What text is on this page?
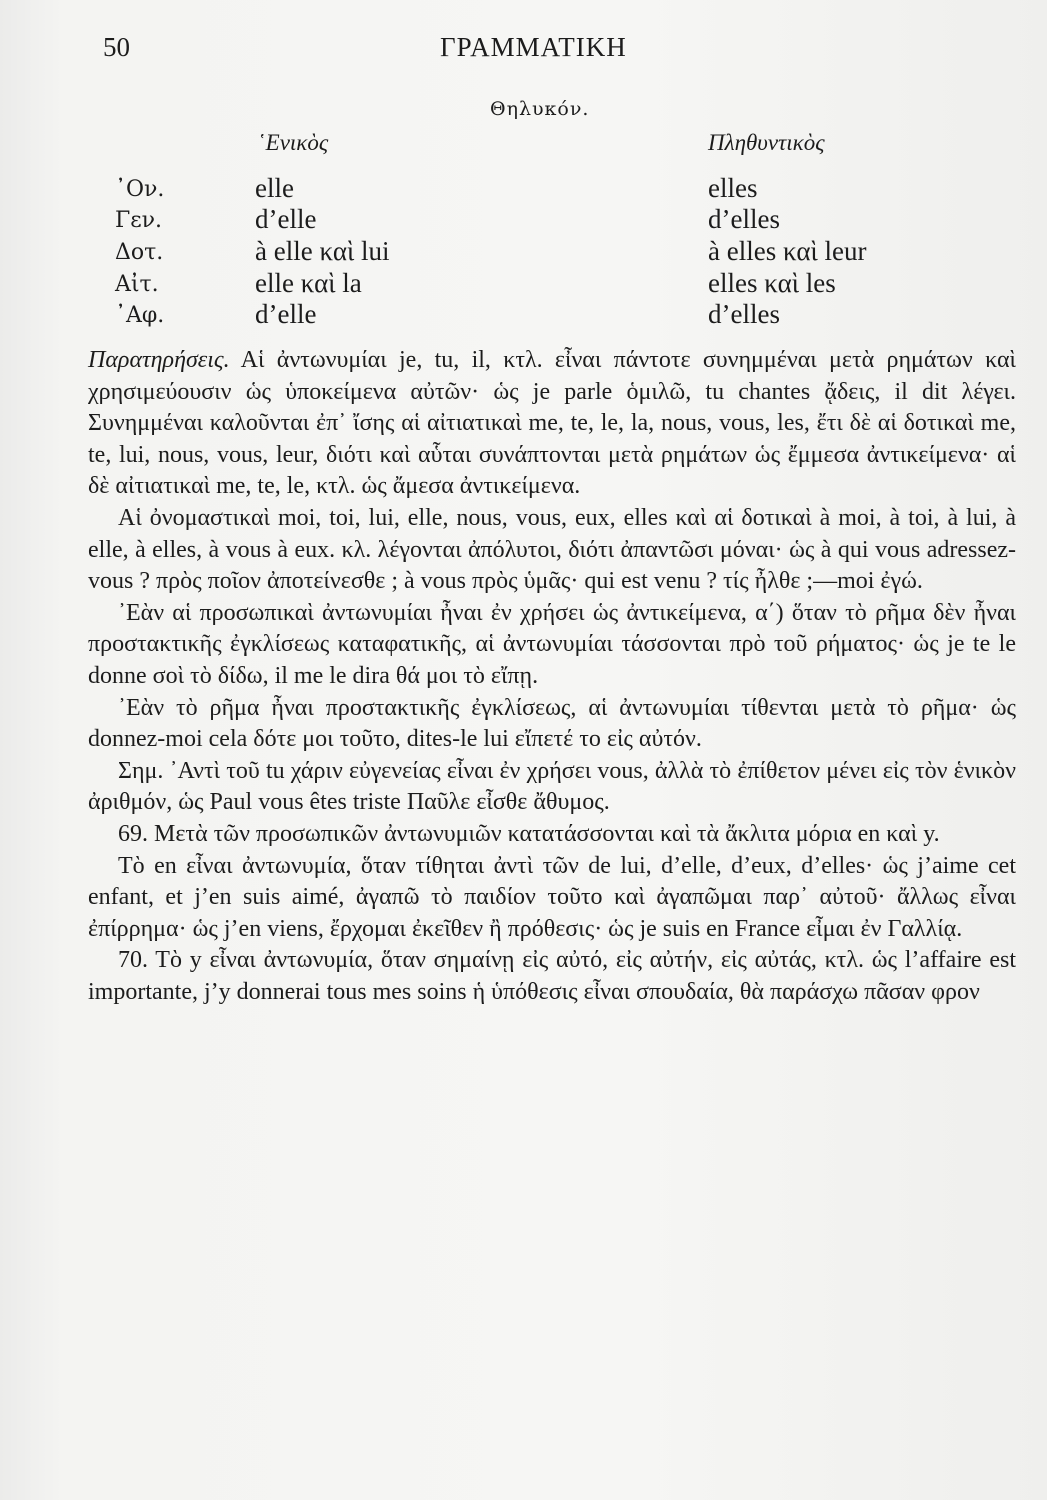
50	ΓΡΑΜΜΑΤΙΚΗ
Θηλυκόν.
῾Ενικὸς	Πληθυντικὸς
᾿Ον.	elle	elles
Γεν.	d’elle	d’elles
Δοτ.	à elle καὶ lui	à elles καὶ leur
Αἰτ.	elle καὶ la	elles καὶ les
᾿Αφ.	d’elle	d’elles

Παρατηρήσεις. Αἱ ἀντωνυμίαι je, tu, il, κτλ. εἶναι πάντοτε συνημμέναι μετὰ ρημάτων καὶ χρησιμεύουσιν ὡς ὑποκείμενα αὐτῶν· ὡς je parle ὁμιλῶ, tu chantes ᾄδεις, il dit λέγει. Συνημμέναι καλοῦνται ἐπ᾿ ἴσης αἱ αἰτιατικαὶ me, te, le, la, nous, vous, les, ἔτι δὲ αἱ δοτικαὶ me, te, lui, nous, vous, leur, διότι καὶ αὗται συνάπτονται μετὰ ρημάτων ὡς ἔμμεσα ἀντικείμενα· αἱ δὲ αἰτιατικαὶ me, te, le, κτλ. ὡς ἄμεσα ἀντικείμενα.

Αἱ ὀνομαστικαὶ moi, toi, lui, elle, nous, vous, eux, elles καὶ αἱ δοτικαὶ à moi, à toi, à lui, à elle, à elles, à vous à eux. κλ. λέγονται ἀπόλυτοι, διότι ἀπαντῶσι μόναι· ὡς à qui vous adressez-vous ? πρὸς ποῖον ἀποτείνεσθε ; à vous πρὸς ὑμᾶς· qui est venu ? τίς ἦλθε ;—moi ἐγώ.

᾿Εὰν αἱ προσωπικαὶ ἀντωνυμίαι ἦναι ἐν χρήσει ὡς ἀντικείμενα, α΄) ὅταν τὸ ρῆμα δὲν ἦναι προστακτικῆς ἐγκλίσεως καταφατικῆς, αἱ ἀντωνυμίαι τάσσονται πρὸ τοῦ ρήματος· ὡς je te le donne σοὶ τὸ δίδω, il me le dira θά μοι τὸ εἴπῃ.

᾿Εὰν τὸ ρῆμα ἦναι προστακτικῆς ἐγκλίσεως, αἱ ἀντωνυμίαι τίθενται μετὰ τὸ ρῆμα· ὡς donnez-moi cela δότε μοι τοῦτο, dites-le lui εἴπετέ το εἰς αὐτόν.

Σημ. ᾿Αντὶ τοῦ tu χάριν εὐγενείας εἶναι ἐν χρήσει vous, ἀλλὰ τὸ ἐπίθετον μένει εἰς τὸν ἑνικὸν ἀριθμόν, ὡς Paul vous êtes triste Παῦλε εἶσθε ἄθυμος.

69. Μετὰ τῶν προσωπικῶν ἀντωνυμιῶν κατατάσσονται καὶ τὰ ἄκλιτα μόρια en καὶ y.

Τὸ en εἶναι ἀντωνυμία, ὅταν τίθηται ἀντὶ τῶν de lui, d’elle, d’eux, d’elles· ὡς j’aime cet enfant, et j’en suis aimé, ἀγαπῶ τὸ παιδίον τοῦτο καὶ ἀγαπῶμαι παρ᾿ αὐτοῦ· ἄλλως εἶναι ἐπίρρημα· ὡς j’en viens, ἔρχομαι ἐκεῖθεν ἢ πρόθεσις· ὡς je suis en France εἶμαι ἐν Γαλλίᾳ.

70. Τὸ y εἶναι ἀντωνυμία, ὅταν σημαίνῃ εἰς αὐτό, εἰς αὐτήν, εἰς αὐτάς, κτλ. ὡς l’affaire est importante, j’y donnerai tous mes soins ἡ ὑπόθεσις εἶναι σπουδαία, θὰ παράσχω πᾶσαν φρον
